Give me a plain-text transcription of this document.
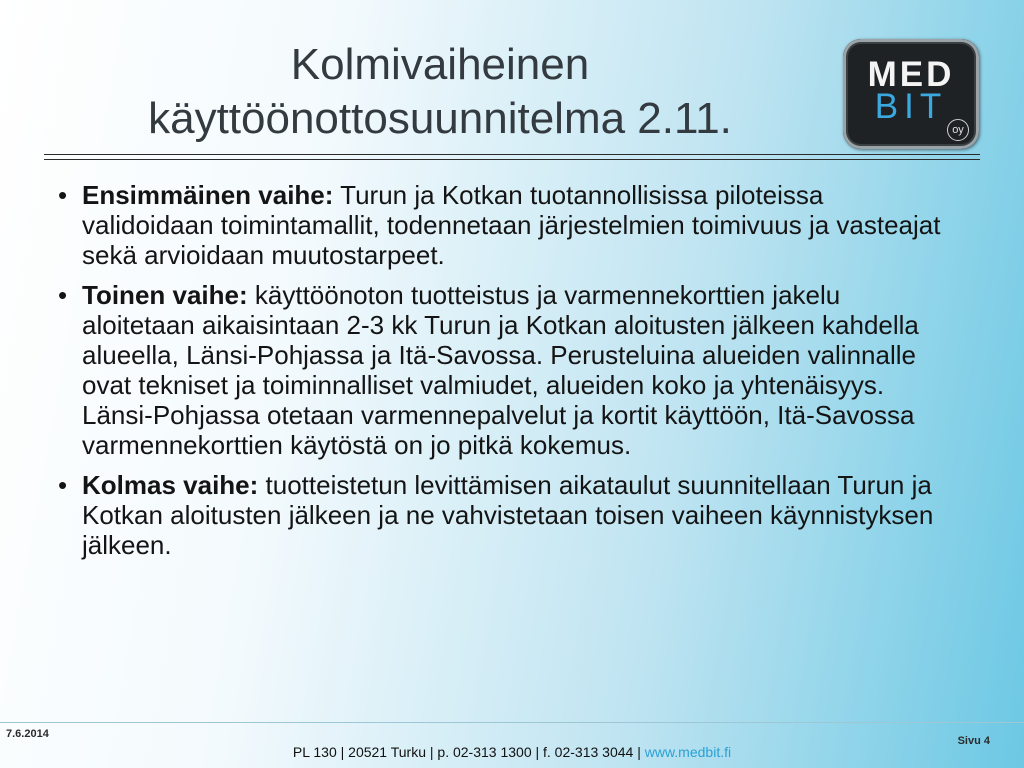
Kolmivaiheinen
käyttöönottosuunnitelma 2.11.
MED
BIT
oy
• Ensimmäinen vaihe: Turun ja Kotkan tuotannollisissa piloteissa validoidaan toimintamallit, todennetaan järjestelmien toimivuus ja vasteajat sekä arvioidaan muutostarpeet.
• Toinen vaihe: käyttöönoton tuotteistus ja varmennekorttien jakelu aloitetaan aikaisintaan 2-3 kk Turun ja Kotkan aloitusten jälkeen kahdella alueella, Länsi-Pohjassa ja Itä-Savossa. Perusteluina alueiden valinnalle ovat tekniset ja toiminnalliset valmiudet, alueiden koko ja yhtenäisyys. Länsi-Pohjassa otetaan varmennepalvelut ja kortit käyttöön, Itä-Savossa varmennekorttien käytöstä on jo pitkä kokemus.
• Kolmas vaihe: tuotteistetun levittämisen aikataulut suunnitellaan Turun ja Kotkan aloitusten jälkeen ja ne vahvistetaan toisen vaiheen käynnistyksen jälkeen.
7.6.2014
Sivu 4
PL 130 | 20521 Turku | p. 02-313 1300 | f. 02-313 3044 | www.medbit.fi
